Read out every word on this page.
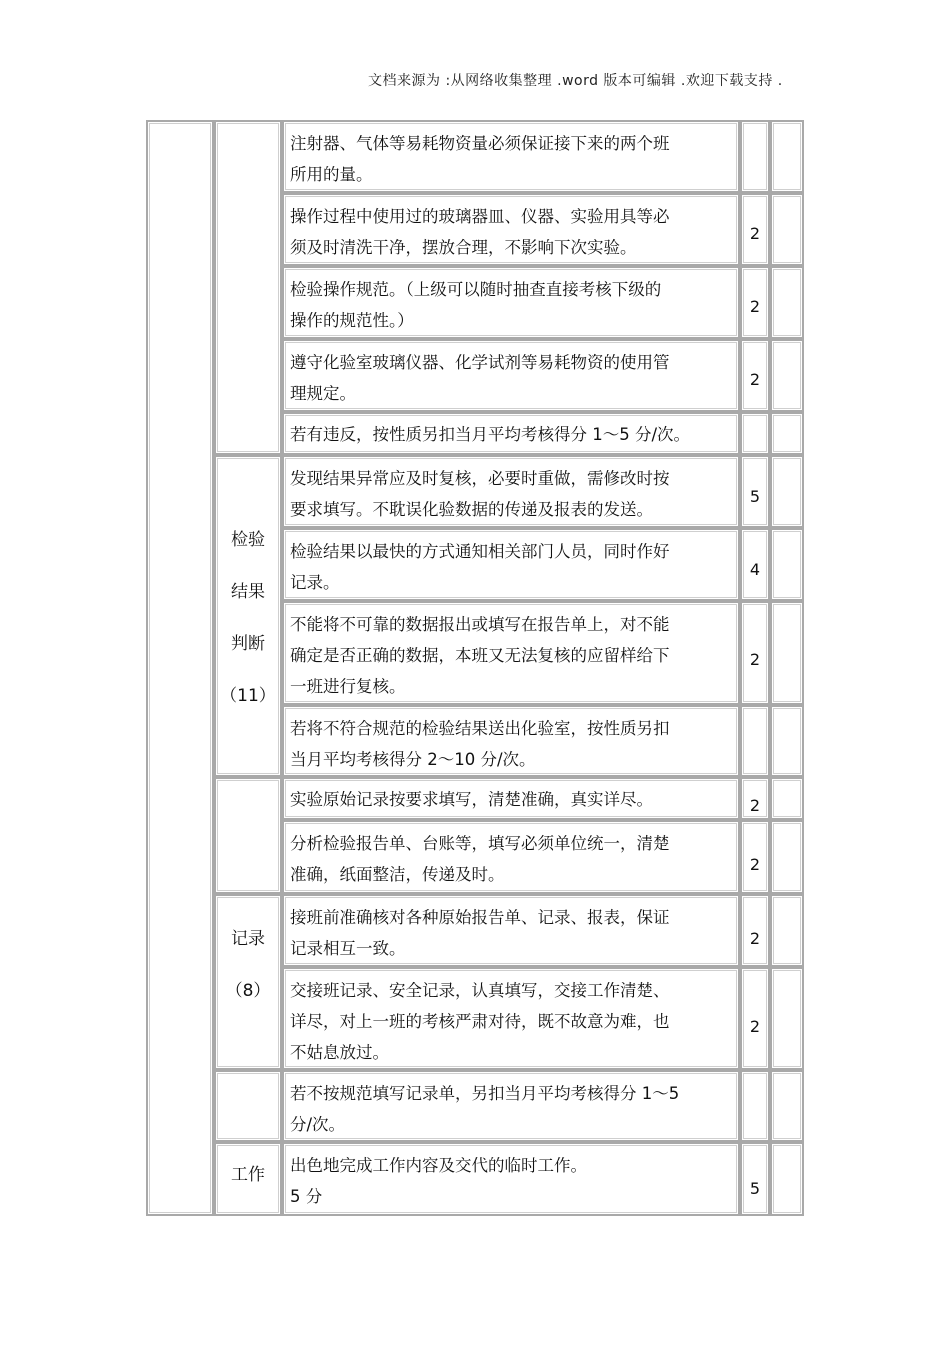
文档来源为 :从网络收集整理 .word 版本可编辑 .欢迎下载支持 .
检验
结果
判断
（11）
记录
（8）
工作
注射器、气体等易耗物资量必须保证接下来的两个班
所用的量。
操作过程中使用过的玻璃器皿、仪器、实验用具等必
须及时清洗干净，摆放合理，不影响下次实验。
检验操作规范。（上级可以随时抽查直接考核下级的
操作的规范性。）
遵守化验室玻璃仪器、化学试剂等易耗物资的使用管
理规定。
若有违反，按性质另扣当月平均考核得分 1～5 分/次。
发现结果异常应及时复核，必要时重做，需修改时按
要求填写。不耽误化验数据的传递及报表的发送。
检验结果以最快的方式通知相关部门人员，同时作好
记录。
不能将不可靠的数据报出或填写在报告单上，对不能
确定是否正确的数据，本班又无法复核的应留样给下
一班进行复核。
若将不符合规范的检验结果送出化验室，按性质另扣
当月平均考核得分 2～10 分/次。
实验原始记录按要求填写，清楚准确，真实详尽。
分析检验报告单、台账等，填写必须单位统一，清楚
准确，纸面整洁，传递及时。
接班前准确核对各种原始报告单、记录、报表，保证
记录相互一致。
交接班记录、安全记录，认真填写，交接工作清楚、
详尽，对上一班的考核严肃对待，既不故意为难，也
不姑息放过。
若不按规范填写记录单，另扣当月平均考核得分 1～5
分/次。
出色地完成工作内容及交代的临时工作。
5 分
2
2
2
5
4
2
2
2
2
2
5
